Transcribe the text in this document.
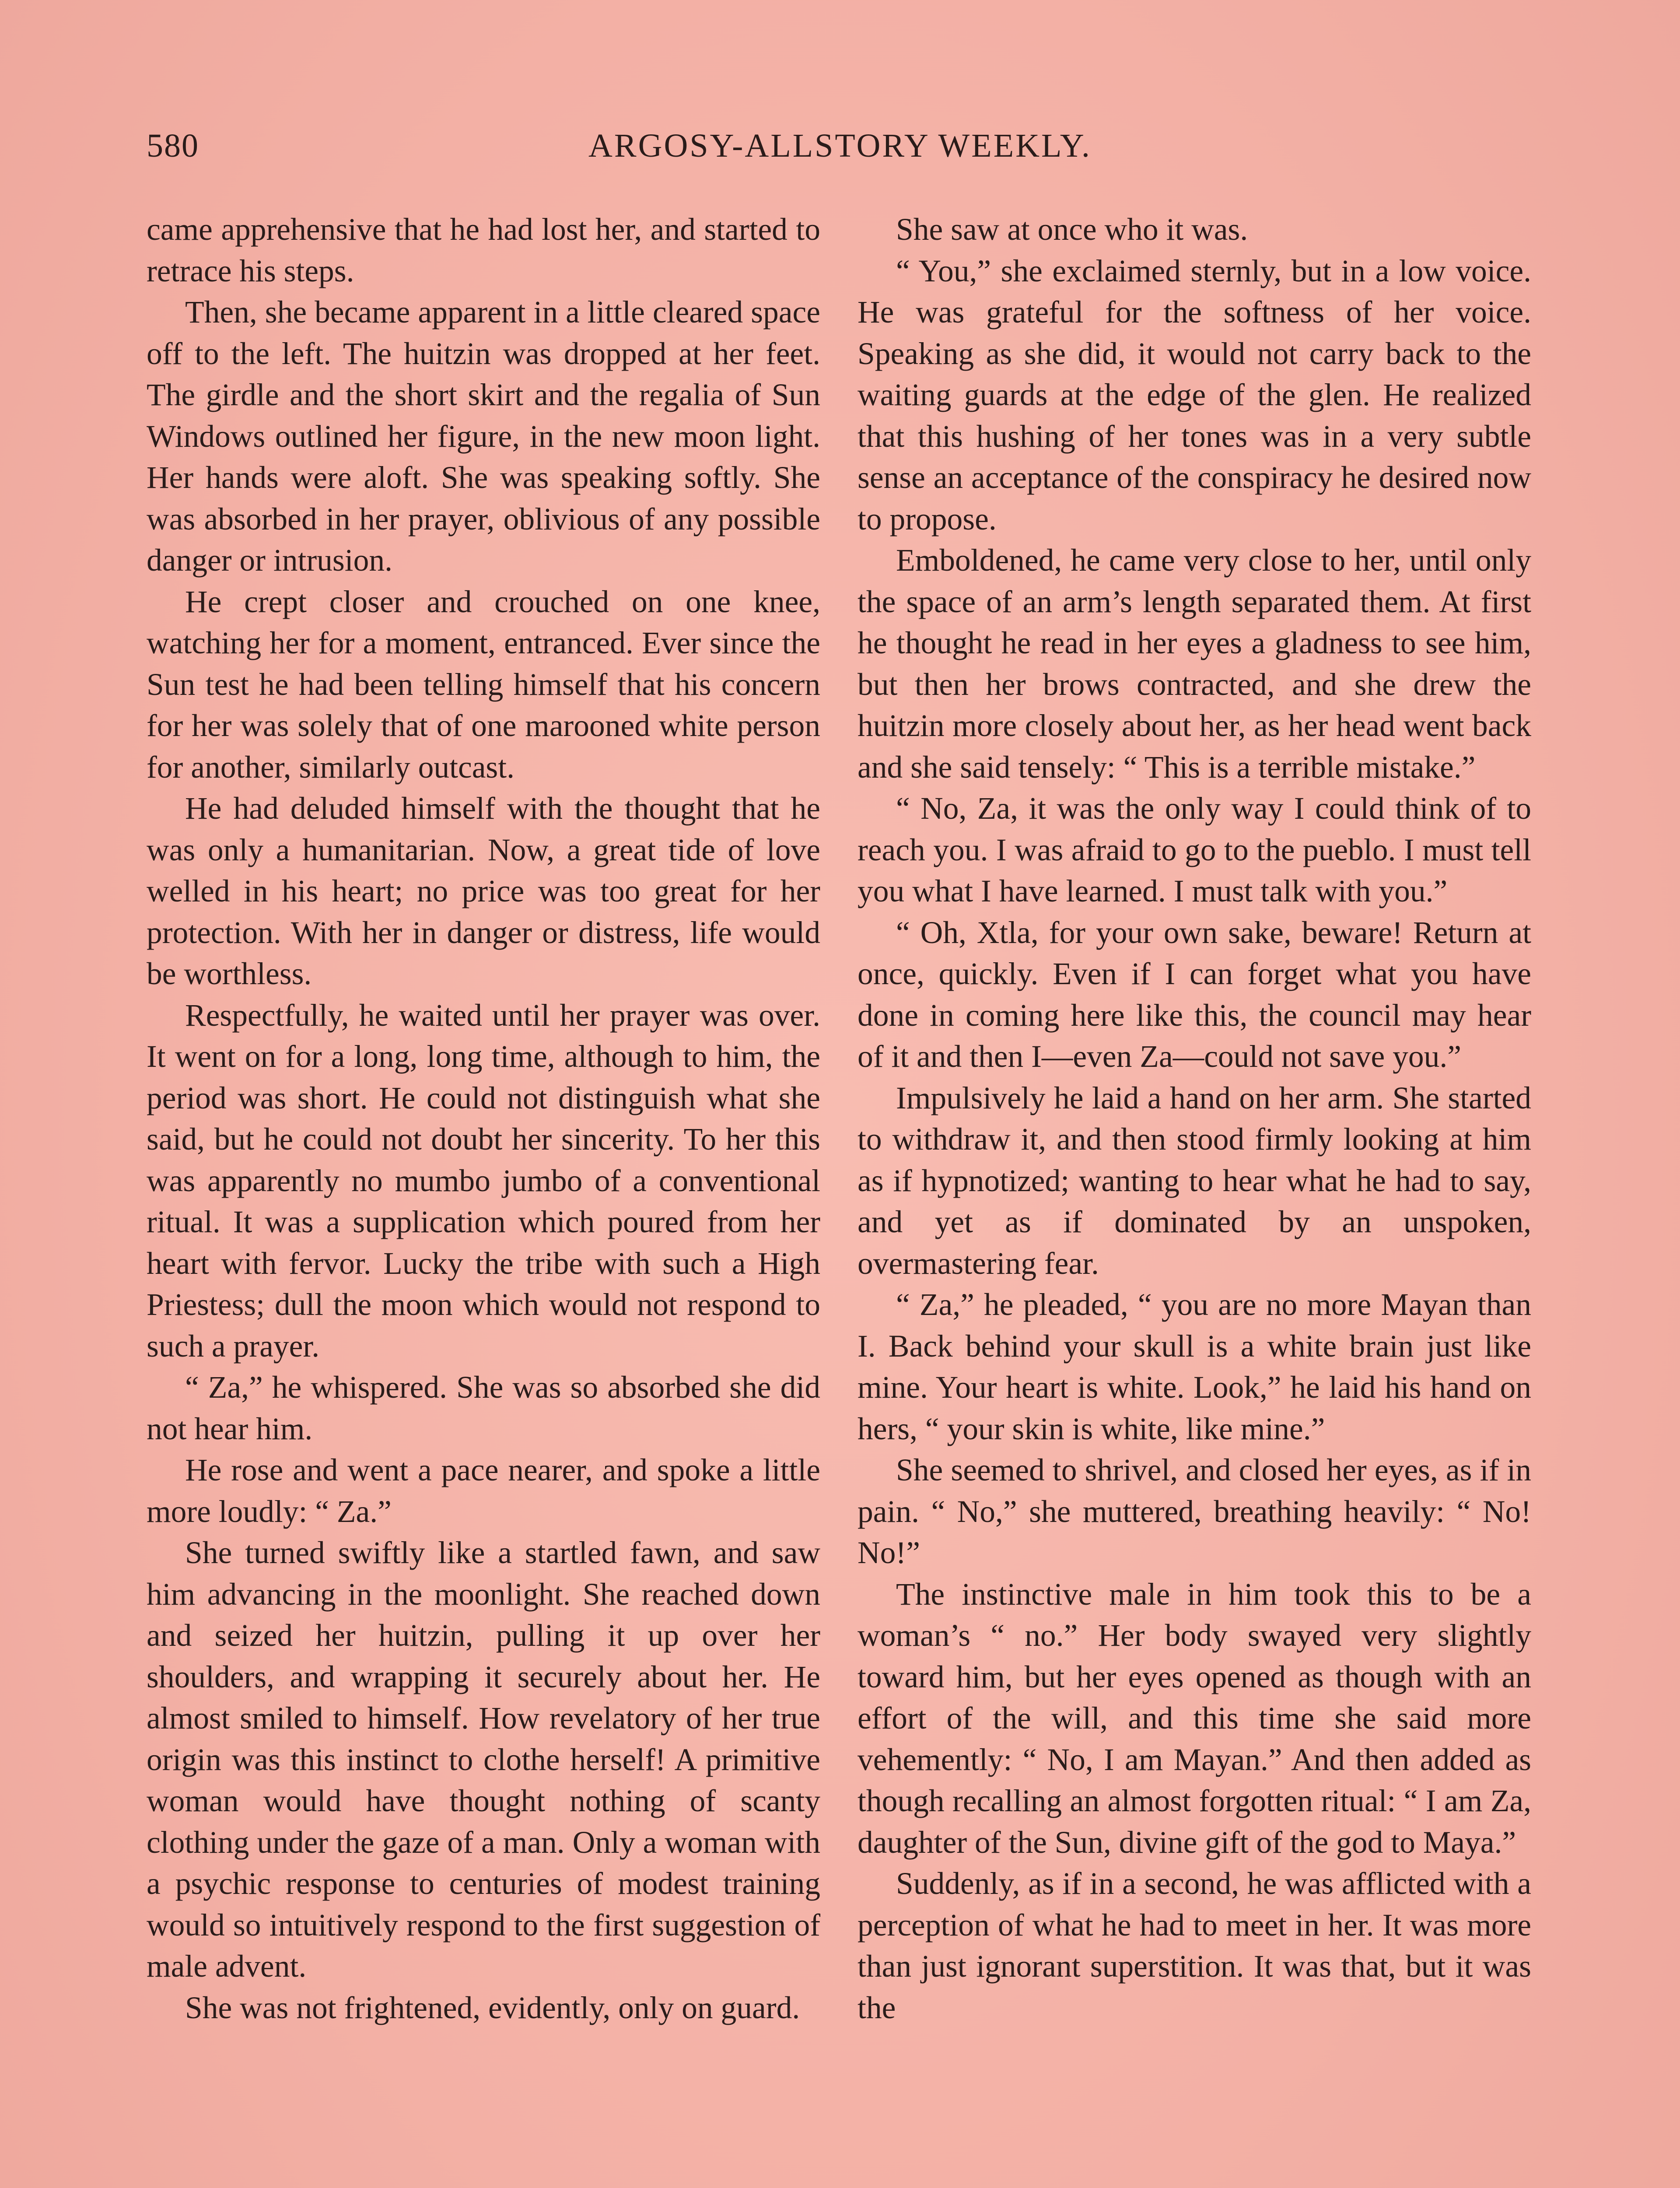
580	ARGOSY-ALLSTORY WEEKLY.

came apprehensive that he had lost her, and started to retrace his steps.

Then, she became apparent in a little cleared space off to the left. The huitzin was dropped at her feet. The girdle and the short skirt and the regalia of Sun Windows outlined her figure, in the new moon light. Her hands were aloft. She was speaking softly. She was absorbed in her prayer, oblivious of any possible danger or intrusion.

He crept closer and crouched on one knee, watching her for a moment, entranced. Ever since the Sun test he had been telling himself that his concern for her was solely that of one marooned white person for another, similarly outcast.

He had deluded himself with the thought that he was only a humanitarian. Now, a great tide of love welled in his heart; no price was too great for her protection. With her in danger or distress, life would be worthless.

Respectfully, he waited until her prayer was over. It went on for a long, long time, although to him, the period was short. He could not distinguish what she said, but he could not doubt her sincerity. To her this was apparently no mumbo jumbo of a conventional ritual. It was a supplication which poured from her heart with fervor. Lucky the tribe with such a High Priestess; dull the moon which would not respond to such a prayer.

“ Za,” he whispered. She was so absorbed she did not hear him.

He rose and went a pace nearer, and spoke a little more loudly: “ Za.”

She turned swiftly like a startled fawn, and saw him advancing in the moonlight. She reached down and seized her huitzin, pulling it up over her shoulders, and wrapping it securely about her. He almost smiled to himself. How revelatory of her true origin was this instinct to clothe herself! A primitive woman would have thought nothing of scanty clothing under the gaze of a man. Only a woman with a psychic response to centuries of modest training would so intuitively respond to the first suggestion of male advent.

She was not frightened, evidently, only on guard.

She saw at once who it was.

“ You,” she exclaimed sternly, but in a low voice. He was grateful for the softness of her voice. Speaking as she did, it would not carry back to the waiting guards at the edge of the glen. He realized that this hushing of her tones was in a very subtle sense an acceptance of the conspiracy he desired now to propose.

Emboldened, he came very close to her, until only the space of an arm’s length separated them. At first he thought he read in her eyes a gladness to see him, but then her brows contracted, and she drew the huitzin more closely about her, as her head went back and she said tensely: “ This is a terrible mistake.”

“ No, Za, it was the only way I could think of to reach you. I was afraid to go to the pueblo. I must tell you what I have learned. I must talk with you.”

“ Oh, Xtla, for your own sake, beware! Return at once, quickly. Even if I can forget what you have done in coming here like this, the council may hear of it and then I—even Za—could not save you.”

Impulsively he laid a hand on her arm. She started to withdraw it, and then stood firmly looking at him as if hypnotized; wanting to hear what he had to say, and yet as if dominated by an unspoken, overmastering fear.

“ Za,” he pleaded, “ you are no more Mayan than I. Back behind your skull is a white brain just like mine. Your heart is white. Look,” he laid his hand on hers, “ your skin is white, like mine.”

She seemed to shrivel, and closed her eyes, as if in pain. “ No,” she muttered, breathing heavily: “ No! No!”

The instinctive male in him took this to be a woman’s “ no.” Her body swayed very slightly toward him, but her eyes opened as though with an effort of the will, and this time she said more vehemently: “ No, I am Mayan.” And then added as though recalling an almost forgotten ritual: “ I am Za, daughter of the Sun, divine gift of the god to Maya.”

Suddenly, as if in a second, he was afflicted with a perception of what he had to meet in her. It was more than just ignorant superstition. It was that, but it was the
